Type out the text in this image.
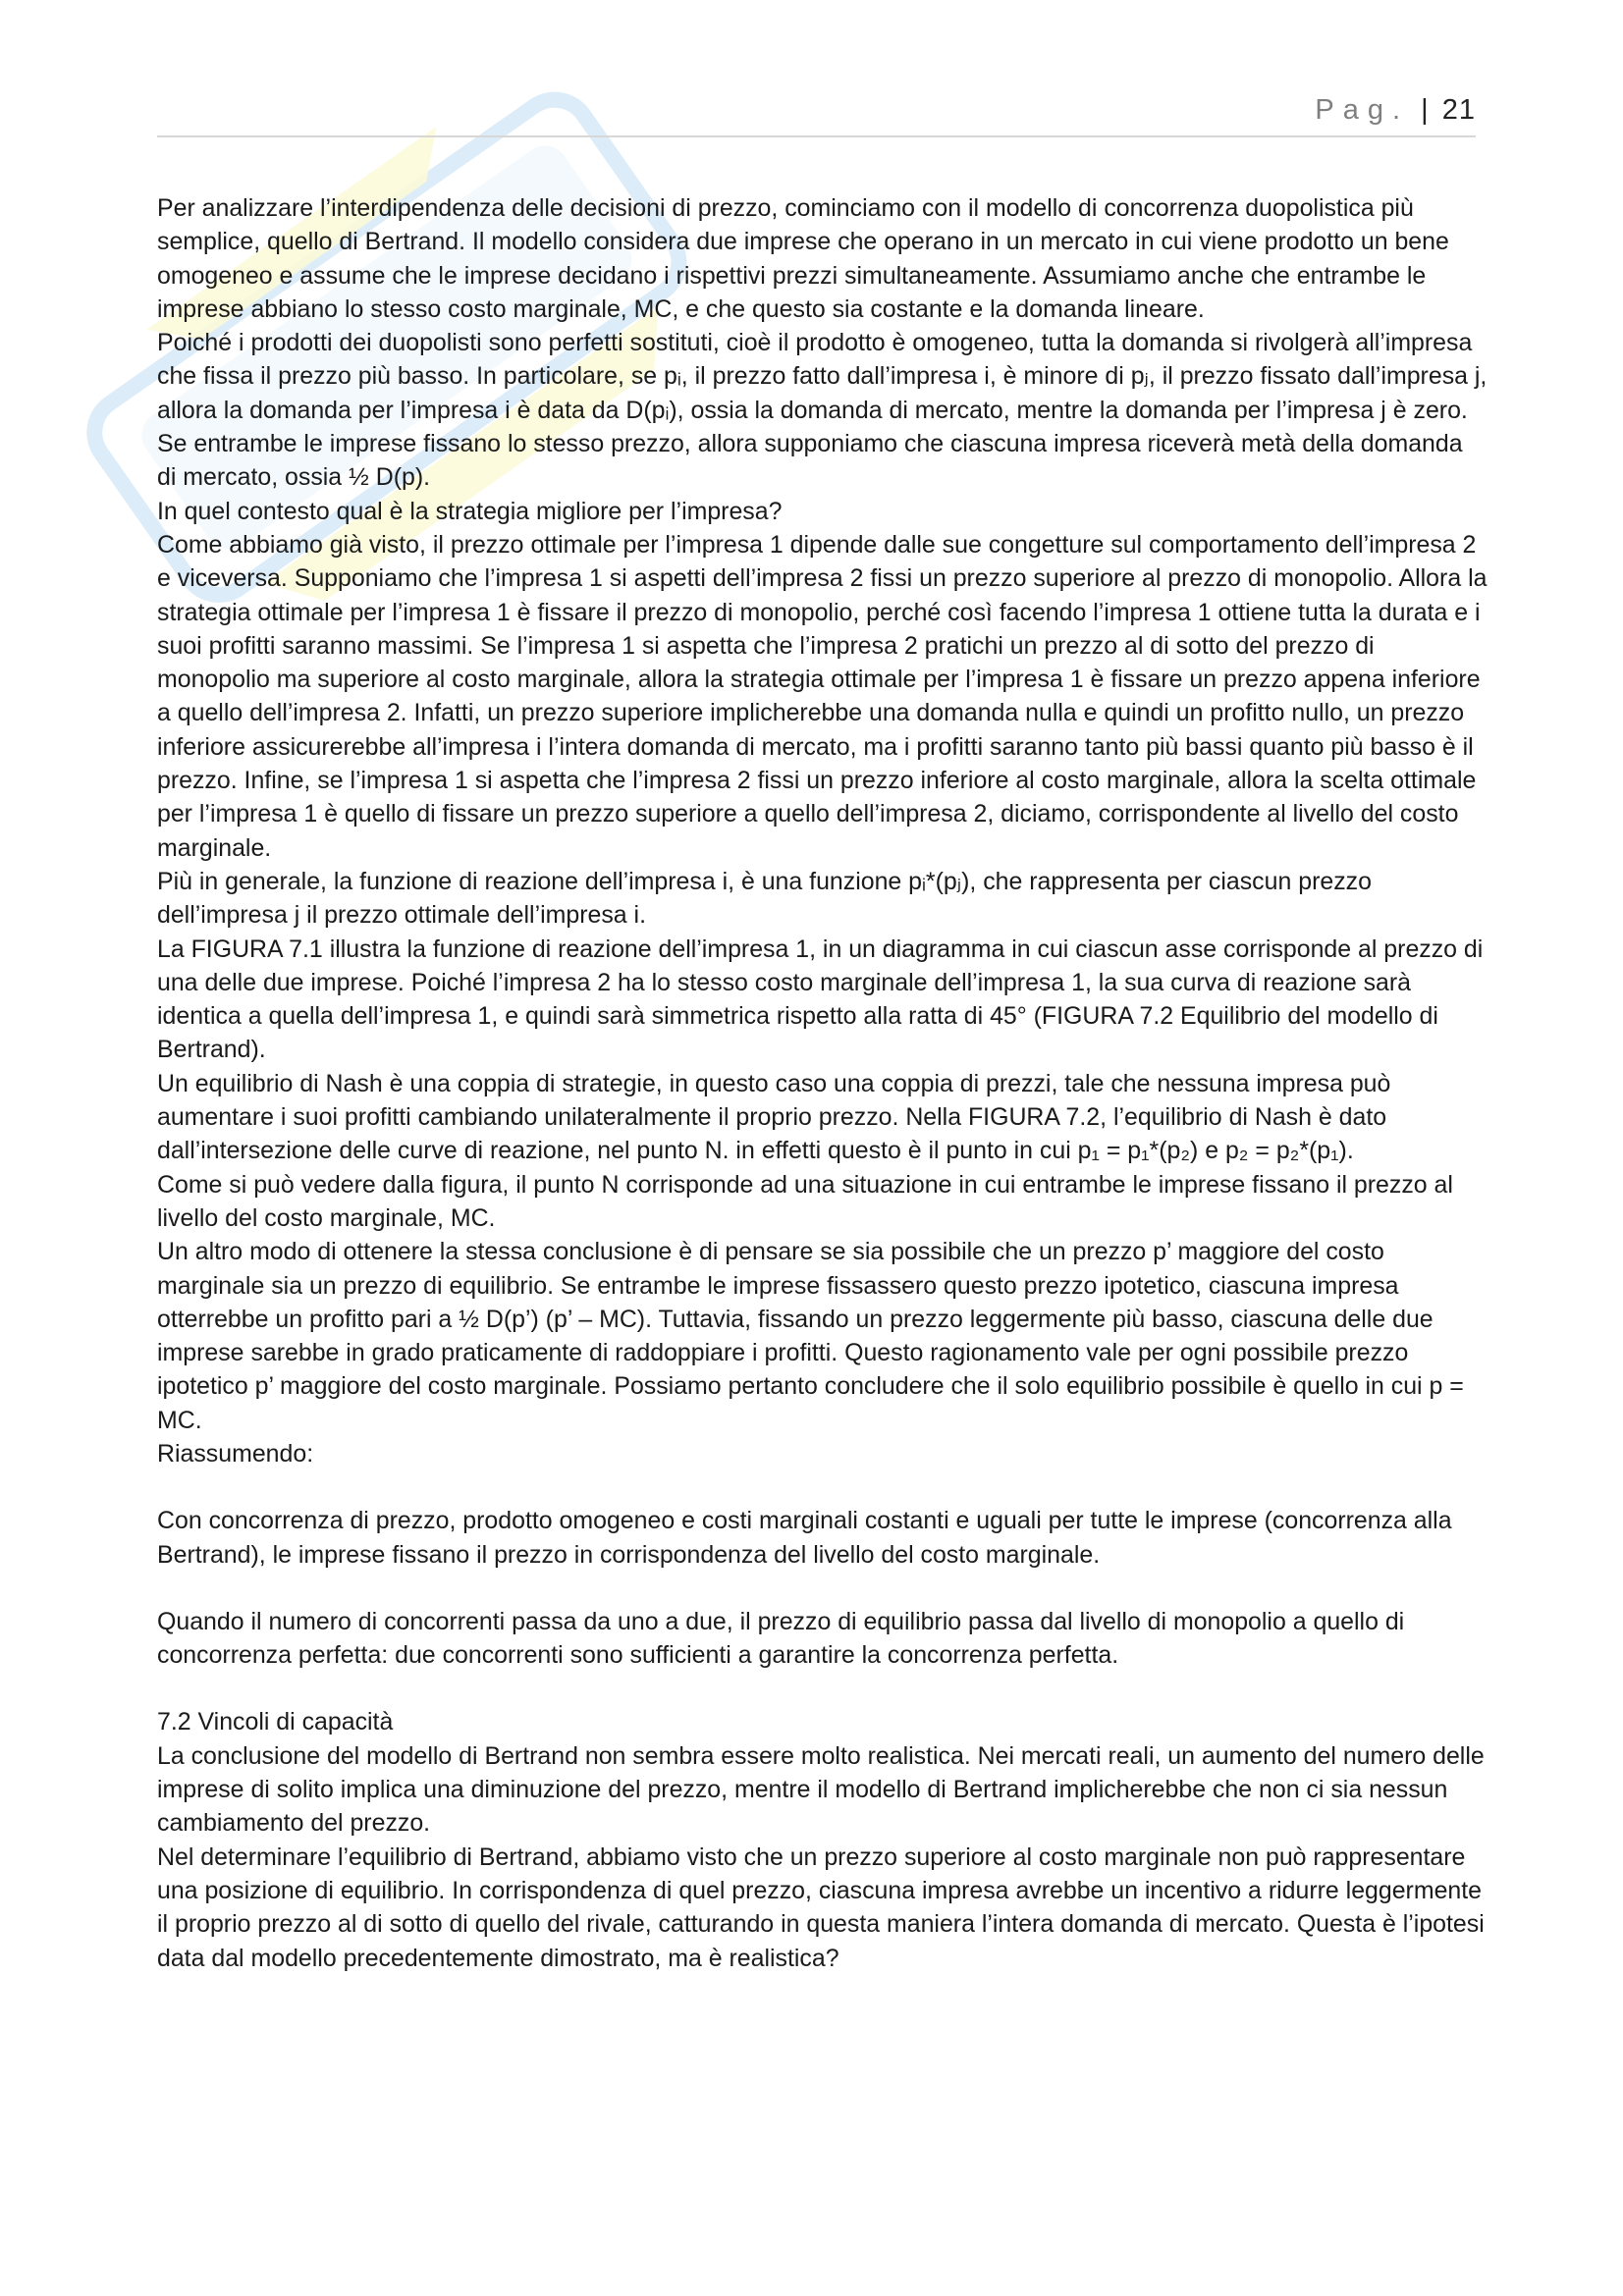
Pag. | 21

Per analizzare l’interdipendenza delle decisioni di prezzo, cominciamo con il modello di concorrenza duopolistica più semplice, quello di Bertrand. Il modello considera due imprese che operano in un mercato in cui viene prodotto un bene omogeneo e assume che le imprese decidano i rispettivi prezzi simultaneamente. Assumiamo anche che entrambe le imprese abbiano lo stesso costo marginale, MC, e che questo sia costante e la domanda lineare.

Poiché i prodotti dei duopolisti sono perfetti sostituti, cioè il prodotto è omogeneo, tutta la domanda si rivolgerà all’impresa che fissa il prezzo più basso. In particolare, se pᵢ, il prezzo fatto dall’impresa i, è minore di pⱼ, il prezzo fissato dall’impresa j, allora la domanda per l’impresa i è data da D(pᵢ), ossia la domanda di mercato, mentre la domanda per l’impresa j è zero. Se entrambe le imprese fissano lo stesso prezzo, allora supponiamo che ciascuna impresa riceverà metà della domanda di mercato, ossia ½ D(p).

In quel contesto qual è la strategia migliore per l’impresa?

Come abbiamo già visto, il prezzo ottimale per l’impresa 1 dipende dalle sue congetture sul comportamento dell’impresa 2 e viceversa. Supponiamo che l’impresa 1 si aspetti dell’impresa 2 fissi un prezzo superiore al prezzo di monopolio. Allora la strategia ottimale per l’impresa 1 è fissare il prezzo di monopolio, perché così facendo l’impresa 1 ottiene tutta la durata e i suoi profitti saranno massimi. Se l’impresa 1 si aspetta che l’impresa 2 pratichi un prezzo al di sotto del prezzo di monopolio ma superiore al costo marginale, allora la strategia ottimale per l’impresa 1 è fissare un prezzo appena inferiore a quello dell’impresa 2. Infatti, un prezzo superiore implicherebbe una domanda nulla e quindi un profitto nullo, un prezzo inferiore assicurerebbe all’impresa i l’intera domanda di mercato, ma i profitti saranno tanto più bassi quanto più basso è il prezzo. Infine, se l’impresa 1 si aspetta che l’impresa 2 fissi un prezzo inferiore al costo marginale, allora la scelta ottimale per l’impresa 1 è quello di fissare un prezzo superiore a quello dell’impresa 2, diciamo, corrispondente al livello del costo marginale.

Più in generale, la funzione di reazione dell’impresa i, è una funzione pᵢ*(pⱼ), che rappresenta per ciascun prezzo dell’impresa j il prezzo ottimale dell’impresa i.

La FIGURA 7.1 illustra la funzione di reazione dell’impresa 1, in un diagramma in cui ciascun asse corrisponde al prezzo di una delle due imprese. Poiché l’impresa 2 ha lo stesso costo marginale dell’impresa 1, la sua curva di reazione sarà identica a quella dell’impresa 1, e quindi sarà simmetrica rispetto alla ratta di 45° (FIGURA 7.2 Equilibrio del modello di Bertrand).

Un equilibrio di Nash è una coppia di strategie, in questo caso una coppia di prezzi, tale che nessuna impresa può aumentare i suoi profitti cambiando unilateralmente il proprio prezzo. Nella FIGURA 7.2, l’equilibrio di Nash è dato dall’intersezione delle curve di reazione, nel punto N. in effetti questo è il punto in cui p₁ = p₁*(p₂) e p₂ = p₂*(p₁).

Come si può vedere dalla figura, il punto N corrisponde ad una situazione in cui entrambe le imprese fissano il prezzo al livello del costo marginale, MC.

Un altro modo di ottenere la stessa conclusione è di pensare se sia possibile che un prezzo p’ maggiore del costo marginale sia un prezzo di equilibrio. Se entrambe le imprese fissassero questo prezzo ipotetico, ciascuna impresa otterrebbe un profitto pari a ½ D(p’) (p’ – MC). Tuttavia, fissando un prezzo leggermente più basso, ciascuna delle due imprese sarebbe in grado praticamente di raddoppiare i profitti. Questo ragionamento vale per ogni possibile prezzo ipotetico p’ maggiore del costo marginale. Possiamo pertanto concludere che il solo equilibrio possibile è quello in cui p = MC.

Riassumendo:

Con concorrenza di prezzo, prodotto omogeneo e costi marginali costanti e uguali per tutte le imprese (concorrenza alla Bertrand), le imprese fissano il prezzo in corrispondenza del livello del costo marginale.

Quando il numero di concorrenti passa da uno a due, il prezzo di equilibrio passa dal livello di monopolio a quello di concorrenza perfetta: due concorrenti sono sufficienti a garantire la concorrenza perfetta.

7.2 Vincoli di capacità

La conclusione del modello di Bertrand non sembra essere molto realistica. Nei mercati reali, un aumento del numero delle imprese di solito implica una diminuzione del prezzo, mentre il modello di Bertrand implicherebbe che non ci sia nessun cambiamento del prezzo.

Nel determinare l’equilibrio di Bertrand, abbiamo visto che un prezzo superiore al costo marginale non può rappresentare una posizione di equilibrio. In corrispondenza di quel prezzo, ciascuna impresa avrebbe un incentivo a ridurre leggermente il proprio prezzo al di sotto di quello del rivale, catturando in questa maniera l’intera domanda di mercato. Questa è l’ipotesi data dal modello precedentemente dimostrato, ma è realistica?
